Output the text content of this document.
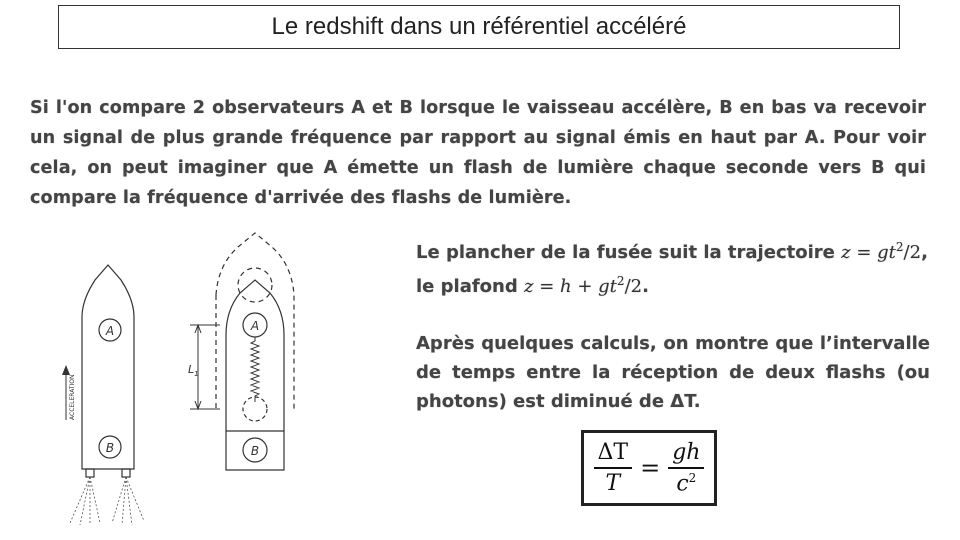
Le redshift dans un référentiel accéléré
Si l'on compare 2 observateurs A et B lorsque le vaisseau accélère, B en bas va recevoir un signal de plus grande fréquence par rapport au signal émis en haut par A. Pour voir cela, on peut imaginer que A émette un flash de lumière chaque seconde vers B qui compare la fréquence d'arrivée des flashs de lumière.

Le plancher de la fusée suit la trajectoire $z = gt^2/2$,
le plafond $z = h + gt^2/2$.

Après quelques calculs, on montre que l’intervalle de temps entre la réception de deux flashs (ou photons) est diminué de ΔT.

$\frac{\Delta T}{T} = \frac{gh}{c^2}$
A
B
ACCELERATION
A
B
$L_1$
